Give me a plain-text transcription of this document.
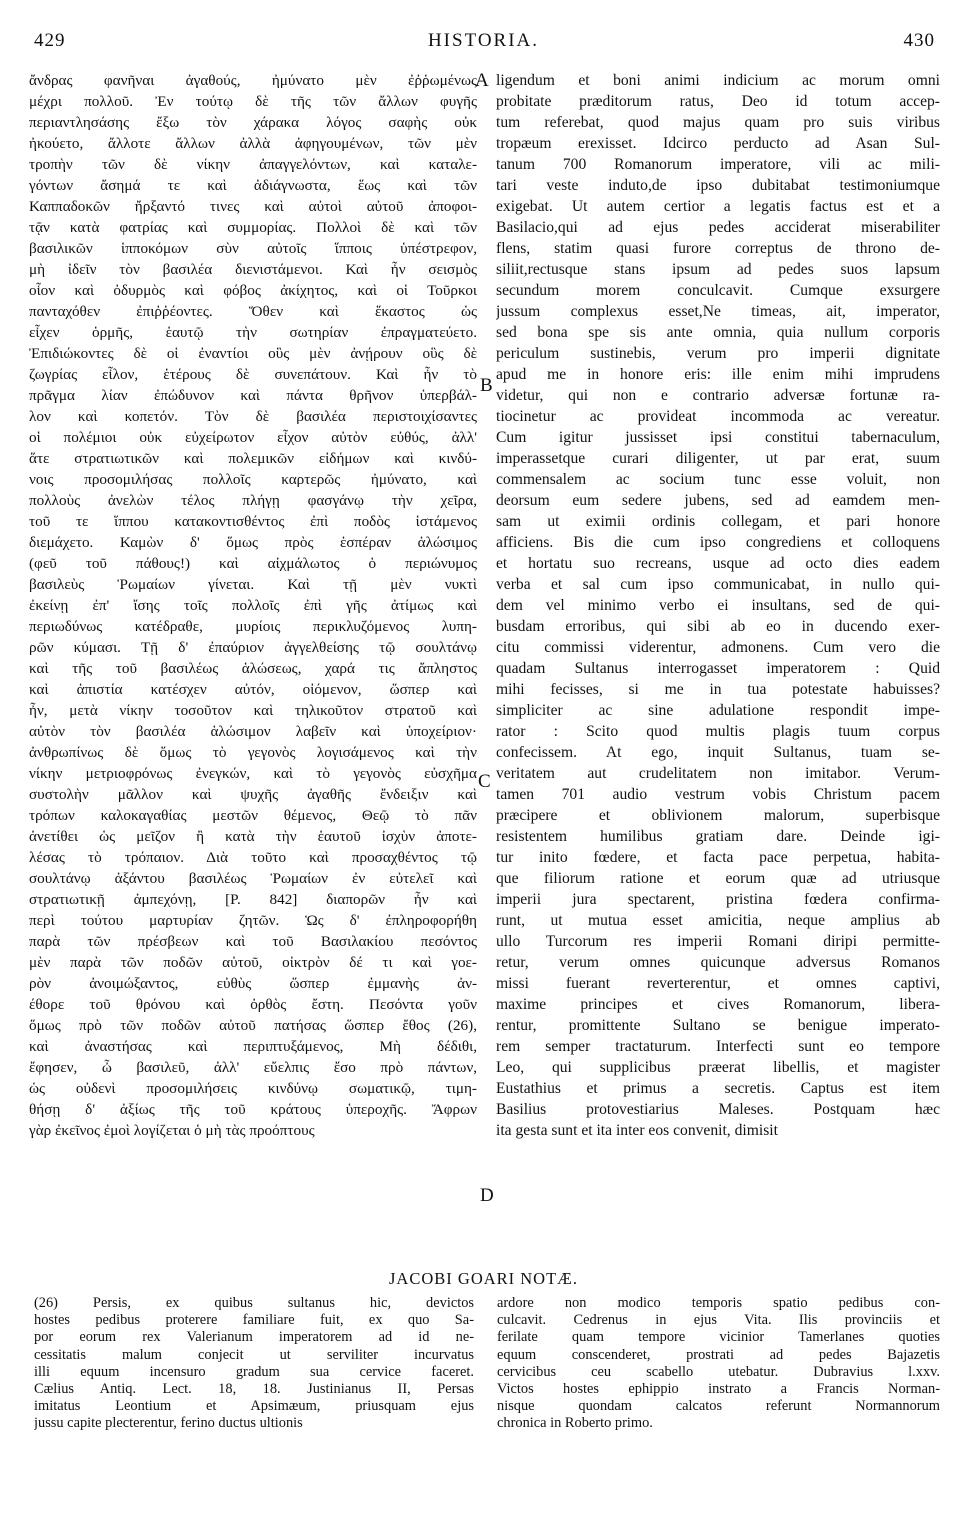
429	HISTORIA.	430
ἄνδρας φανῆναι ἀγαθούς, ἠμύνατο μὲν ἐῤῥωμένως
μέχρι πολλοῦ. Ἐν τούτῳ δὲ τῆς τῶν ἄλλων φυγῆς
περιαντλησάσης ἔξω τὸν χάρακα λόγος σαφὴς οὐκ
ἠκούετο, ἄλλοτε ἄλλων ἀλλὰ ἀφηγουμένων, τῶν μὲν
τροπὴν τῶν δὲ νίκην ἀπαγγελόντων, καὶ καταλε-
γόντων ἄσημά τε καὶ ἀδιάγνωστα, ἕως καὶ τῶν
Καππαδοκῶν ἤρξαντό τινες καὶ αὐτοὶ αὐτοῦ ἀποφοι-
τᾷν κατὰ φατρίας καὶ συμμορίας. Πολλοὶ δὲ καὶ τῶν
βασιλικῶν ἱπποκόμων σὺν αὐτοῖς ἵπποις ὑπέστρεφον,
μὴ ἰδεῖν τὸν βασιλέα διενιστάμενοι. Καὶ ἦν σεισμὸς
οἷον καὶ ὀδυρμὸς καὶ φόβος ἀκίχητος, καὶ οἱ Τοῦρκοι
πανταχόθεν ἐπιῤῥέοντες. Ὅθεν καὶ ἕκαστος ὡς
εἶχεν ὁρμῆς, ἑαυτῷ τὴν σωτηρίαν ἐπραγματεύετο.
Ἐπιδιώκοντες δὲ οἱ ἐναντίοι οὓς μὲν ἀνῄρουν οὓς δὲ
ζωγρίας εἶλον, ἑτέρους δὲ συνεπάτουν. Καὶ ἦν τὸ
πρᾶγμα λίαν ἐπώδυνον καὶ πάντα θρῆνον ὑπερβάλ-
λον καὶ κοπετόν. Τὸν δὲ βασιλέα περιστοιχίσαντες
οἱ πολέμιοι οὐκ εὐχείρωτον εἶχον αὐτὸν εὐθύς, ἀλλ'
ἅτε στρατιωτικῶν καὶ πολεμικῶν εἰδήμων καὶ κινδύ-
νοις προσομιλήσας πολλοῖς καρτερῶς ἠμύνατο, καὶ
πολλοὺς ἀνελὼν τέλος πλήγῃ φασγάνῳ τὴν χεῖρα,
τοῦ τε ἵππου κατακοντισθέντος ἐπὶ ποδὸς ἱστάμενος
διεμάχετο. Καμὼν δ' ὅμως πρὸς ἑσπέραν ἁλώσιμος
(φεῦ τοῦ πάθους!) καὶ αἰχμάλωτος ὁ περιώνυμος
βασιλεὺς Ῥωμαίων γίνεται. Καὶ τῇ μὲν νυκτὶ
ἐκείνῃ ἐπ' ἴσης τοῖς πολλοῖς ἐπὶ γῆς ἀτίμως καὶ
περιωδύνως κατέδραθε, μυρίοις περικλυζόμενος λυπη-
ρῶν κύμασι. Τῇ δ' ἐπαύριον ἀγγελθείσης τῷ σουλτάνῳ
καὶ τῆς τοῦ βασιλέως ἁλώσεως, χαρά τις ἄπληστος
καὶ ἀπιστία κατέσχεν αὐτόν, οἰόμενον, ὥσπερ καὶ
ἦν, μετὰ νίκην τοσοῦτον καὶ τηλικοῦτον στρατοῦ καὶ
αὐτὸν τὸν βασιλέα ἁλώσιμον λαβεῖν καὶ ὑποχείριον·
ἀνθρωπίνως δὲ ὅμως τὸ γεγονὸς λογισάμενος καὶ τὴν
νίκην μετριοφρόνως ἐνεγκών, καὶ τὸ γεγονὸς εὐσχῆμα
συστολὴν μᾶλλον καὶ ψυχῆς ἀγαθῆς ἔνδειξιν καὶ
τρόπων καλοκαγαθίας μεστῶν θέμενος, Θεῷ τὸ πᾶν
ἀνετίθει ὡς μεῖζον ἢ κατὰ τὴν ἑαυτοῦ ἰσχὺν ἀποτε-
λέσας τὸ τρόπαιον. Διὰ τοῦτο καὶ προσαχθέντος τῷ
σουλτάνῳ ἀξάντου βασιλέως Ῥωμαίων ἐν εὐτελεῖ καὶ
στρατιωτικῇ ἀμπεχόνῃ, [P. 842] διαπορῶν ἦν καὶ
περὶ τούτου μαρτυρίαν ζητῶν. Ὡς δ' ἐπληροφορήθη
παρὰ τῶν πρέσβεων καὶ τοῦ Βασιλακίου πεσόντος
μὲν παρὰ τῶν ποδῶν αὐτοῦ, οἰκτρὸν δέ τι καὶ γοε-
ρὸν ἀνοιμώξαντος, εὐθὺς ὥσπερ ἐμμανὴς ἀν-
έθορε τοῦ θρόνου καὶ ὀρθὸς ἔστη. Πεσόντα γοῦν
ὅμως πρὸ τῶν ποδῶν αὐτοῦ πατήσας ὥσπερ ἔθος (26),
καὶ ἀναστήσας καὶ περιπτυξάμενος, Μὴ δέδιθι,
ἔφησεν, ὦ βασιλεῦ, ἀλλ' εὔελπις ἔσο πρὸ πάντων,
ὡς οὐδενὶ προσομιλήσεις κινδύνῳ σωματικῷ, τιμη-
θήσῃ δ' ἀξίως τῆς τοῦ κράτους ὑπεροχῆς. Ἄφρων
γὰρ ἐκεῖνος ἐμοὶ λογίζεται ὁ μὴ τὰς προόπτους
ligendum et boni animi indicium ac morum omni
probitate præditorum ratus, Deo id totum accep-
tum referebat, quod majus quam pro suis viribus
tropæum erexisset. Idcirco perducto ad Asan Sul-
tanum 700 Romanorum imperatore, vili ac mili-
tari veste induto,de ipso dubitabat testimoniumque
exigebat. Ut autem certior a legatis factus est et a
Basilacio,qui ad ejus pedes acciderat miserabiliter
flens, statim quasi furore correptus de throno de-
siliit,rectusque stans ipsum ad pedes suos lapsum
secundum morem conculcavit. Cumque exsurgere
jussum complexus esset,Ne timeas, ait, imperator,
sed bona spe sis ante omnia, quia nullum corporis
periculum sustinebis, verum pro imperii dignitate
apud me in honore eris: ille enim mihi imprudens
videtur, qui non e contrario adversæ fortunæ ra-
tiocinetur ac provideat incommoda ac vereatur.
Cum igitur jussisset ipsi constitui tabernaculum,
imperassetque curari diligenter, ut par erat, suum
commensalem ac socium tunc esse voluit, non
deorsum eum sedere jubens, sed ad eamdem men-
sam ut eximii ordinis collegam, et pari honore
afficiens. Bis die cum ipso congrediens et colloquens
et hortatu suo recreans, usque ad octo dies eadem
verba et sal cum ipso communicabat, in nullo qui-
dem vel minimo verbo ei insultans, sed de qui-
busdam erroribus, qui sibi ab eo in ducendo exer-
citu commissi viderentur, admonens. Cum vero die
quadam Sultanus interrogasset imperatorem : Quid
mihi fecisses, si me in tua potestate habuisses?
simpliciter ac sine adulatione respondit impe-
rator : Scito quod multis plagis tuum corpus
confecissem. At ego, inquit Sultanus, tuam se-
veritatem aut crudelitatem non imitabor. Verum-
tamen 701 audio vestrum vobis Christum pacem
præcipere et oblivionem malorum, superbisque
resistentem humilibus gratiam dare. Deinde igi-
tur inito fœdere, et facta pace perpetua, habita-
que filiorum ratione et eorum quæ ad utriusque
imperii jura spectarent, pristina fœdera confirma-
runt, ut mutua esset amicitia, neque amplius ab
ullo Turcorum res imperii Romani diripi permitte-
retur, verum omnes quicunque adversus Romanos
missi fuerant reverterentur, et omnes captivi,
maxime principes et cives Romanorum, libera-
rentur, promittente Sultano se benigue imperato-
rem semper tractaturum. Interfecti sunt eo tempore
Leo, qui supplicibus præerat libellis, et magister
Eustathius et primus a secretis. Captus est item
Basilius protovestiarius Maleses. Postquam hæc
ita gesta sunt et ita inter eos convenit, dimisit
A
B
C
D
JACOBI GOARI NOTÆ.
(26) Persis, ex quibus sultanus hic, devictos
hostes pedibus proterere familiare fuit, ex quo Sa-
por eorum rex Valerianum imperatorem ad id ne-
cessitatis malum conjecit ut serviliter incurvatus
illi equum incensuro gradum sua cervice faceret.
Cælius Antiq. Lect. 18, 18. Justinianus II, Persas
imitatus Leontium et Apsimæum, priusquam ejus
jussu capite plecterentur, ferino ductus ultionis
ardore non modico temporis spatio pedibus con-
culcavit. Cedrenus in ejus Vita. Ilis provinciis et
ferilate quam tempore vicinior Tamerlanes quoties
equum conscenderet, prostrati ad pedes Bajazetis
cervicibus ceu scabello utebatur. Dubravius l.xxv.
Victos hostes ephippio instrato a Francis Norman-
nisque quondam calcatos referunt Normannorum
chronica in Roberto primo.
